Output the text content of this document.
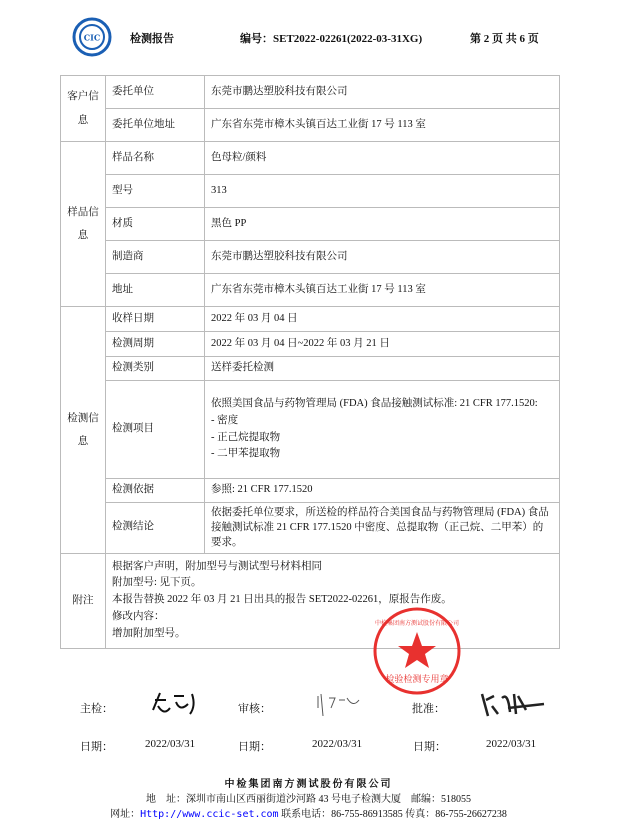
CIC	检测报告	编号：SET2022-02261(2022-03-31XG)	第 2 页 共 6 页
客户信息	委托单位	东莞市鹏达塑胶科技有限公司
	委托单位地址	广东省东莞市樟木头镇百达工业街 17 号 113 室
样品信息	样品名称	色母粒/颜料
	型号	313
	材质	黑色 PP
	制造商	东莞市鹏达塑胶科技有限公司
	地址	广东省东莞市樟木头镇百达工业街 17 号 113 室
检测信息	收样日期	2022 年 03 月 04 日
	检测周期	2022 年 03 月 04 日~2022 年 03 月 21 日
	检测类别	送样委托检测
	检测项目	依照美国食品与药物管理局 (FDA) 食品接触测试标准: 21 CFR 177.1520:
- 密度
- 正己烷提取物
- 二甲苯提取物

	检测依据	参照: 21 CFR 177.1520
	检测结论	依据委托单位要求，所送检的样品符合美国食品与药物管理局 (FDA) 食品接触测试标准 21 CFR 177.1520 中密度、总提取物（正己烷、二甲苯）的要求。
附注	根据客户声明，附加型号与测试型号材料相同
附加型号: 见下页。
本报告替换 2022 年 03 月 21 日出具的报告 SET2022-02261，原报告作废。
修改内容：
增加附加型号。	
检验检测专用章
中检集团南方测试股份有限公司
主检：	审核：	批准：
日期：	2022/03/31	日期：	2022/03/31	日期：	2022/03/31
中检集团南方测试股份有限公司
地　址：深圳市南山区西丽街道沙河路 43 号电子检测大厦　邮编：518055
网址：Http://www.ccic-set.com 联系电话：86-755-86913585 传真：86-755-26627238
